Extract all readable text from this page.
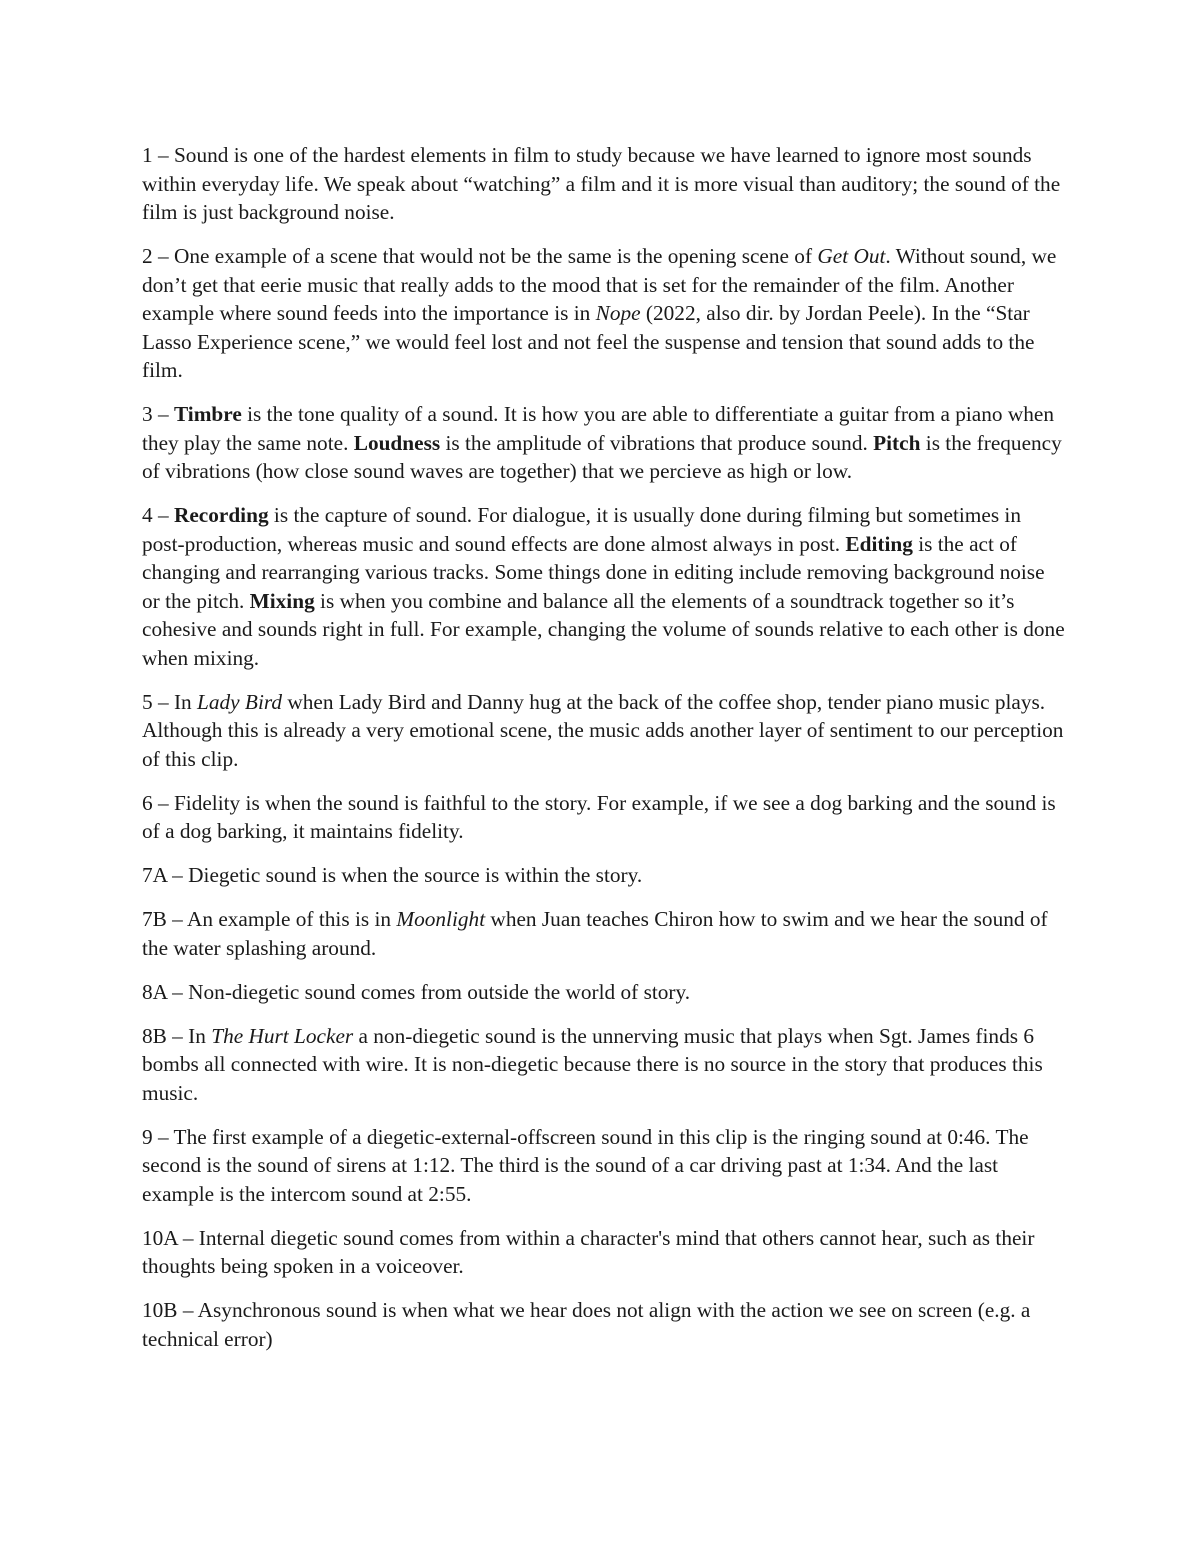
1 – Sound is one of the hardest elements in film to study because we have learned to ignore most sounds within everyday life. We speak about “watching” a film and it is more visual than auditory; the sound of the film is just background noise.

2 – One example of a scene that would not be the same is the opening scene of Get Out. Without sound, we don’t get that eerie music that really adds to the mood that is set for the remainder of the film. Another example where sound feeds into the importance is in Nope (2022, also dir. by Jordan Peele). In the “Star Lasso Experience scene,” we would feel lost and not feel the suspense and tension that sound adds to the film.

3 – Timbre is the tone quality of a sound. It is how you are able to differentiate a guitar from a piano when they play the same note. Loudness is the amplitude of vibrations that produce sound. Pitch is the frequency of vibrations (how close sound waves are together) that we percieve as high or low.

4 – Recording is the capture of sound. For dialogue, it is usually done during filming but sometimes in post-production, whereas music and sound effects are done almost always in post. Editing is the act of changing and rearranging various tracks. Some things done in editing include removing background noise or the pitch. Mixing is when you combine and balance all the elements of a soundtrack together so it’s cohesive and sounds right in full. For example, changing the volume of sounds relative to each other is done when mixing.

5 – In Lady Bird when Lady Bird and Danny hug at the back of the coffee shop, tender piano music plays. Although this is already a very emotional scene, the music adds another layer of sentiment to our perception of this clip.

6 – Fidelity is when the sound is faithful to the story. For example, if we see a dog barking and the sound is of a dog barking, it maintains fidelity.

7A – Diegetic sound is when the source is within the story.

7B – An example of this is in Moonlight when Juan teaches Chiron how to swim and we hear the sound of the water splashing around.

8A – Non-diegetic sound comes from outside the world of story.

8B – In The Hurt Locker a non-diegetic sound is the unnerving music that plays when Sgt. James finds 6 bombs all connected with wire. It is non-diegetic because there is no source in the story that produces this music.

9 – The first example of a diegetic-external-offscreen sound in this clip is the ringing sound at 0:46. The second is the sound of sirens at 1:12. The third is the sound of a car driving past at 1:34. And the last example is the intercom sound at 2:55.

10A – Internal diegetic sound comes from within a character's mind that others cannot hear, such as their thoughts being spoken in a voiceover.

10B – Asynchronous sound is when what we hear does not align with the action we see on screen (e.g. a technical error)
